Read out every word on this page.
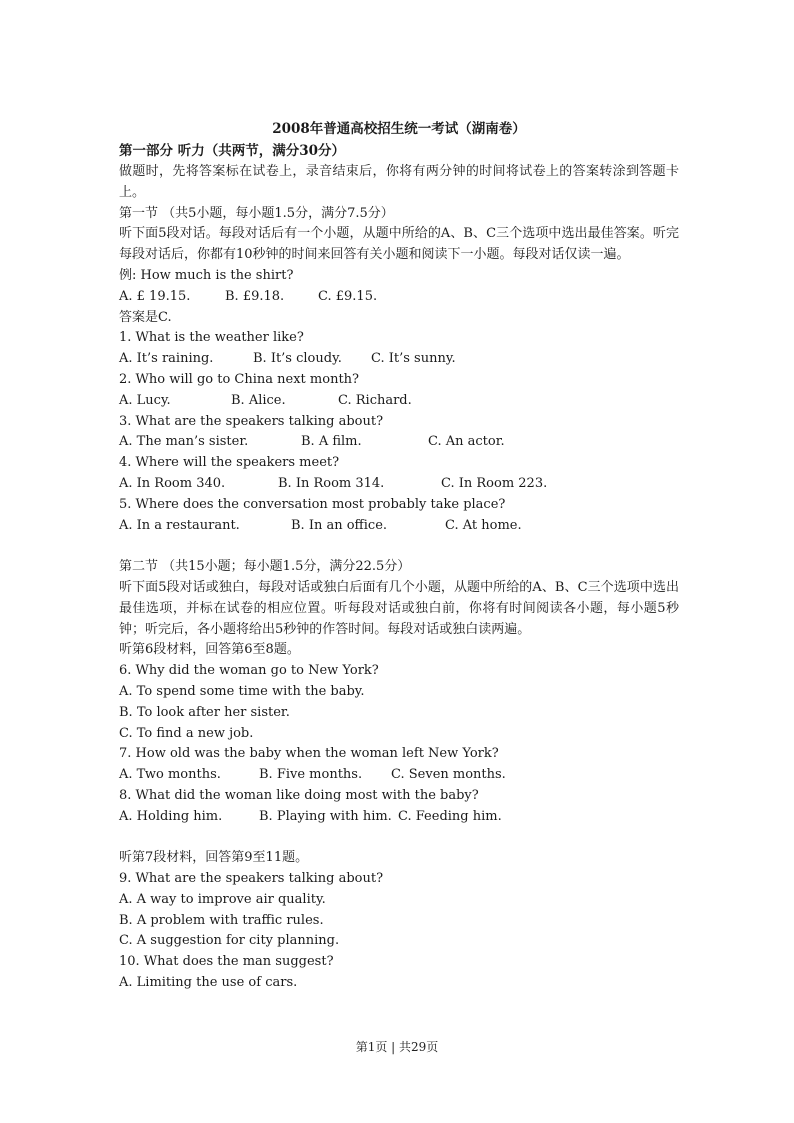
2008年普通高校招生统一考试（湖南卷）
第一部分 听力（共两节，满分30分）
做题时，先将答案标在试卷上，录音结束后，你将有两分钟的时间将试卷上的答案转涂到答题卡上。
第一节 （共5小题，每小题1.5分，满分7.5分）
听下面5段对话。每段对话后有一个小题，从题中所给的A、B、C三个选项中选出最佳答案。听完每段对话后，你都有10秒钟的时间来回答有关小题和阅读下一小题。每段对话仅读一遍。
例: How much is the shirt?
A. £ 19.15.	B. £9.18.	C. £9.15.
答案是C.
1. What is the weather like?
A. It’s raining.	B. It’s cloudy.	C. It’s sunny.
2. Who will go to China next month?
A. Lucy.	B. Alice.	C. Richard.
3. What are the speakers talking about?
A. The man’s sister.	B. A film.	C. An actor.
4. Where will the speakers meet?
A. In Room 340.	B. In Room 314.	C. In Room 223.
5. Where does the conversation most probably take place?
A. In a restaurant.	B. In an office.	C. At home.
第二节 （共15小题；每小题1.5分，满分22.5分）
听下面5段对话或独白，每段对话或独白后面有几个小题，从题中所给的A、B、C三个选项中选出最佳选项，并标在试卷的相应位置。听每段对话或独白前，你将有时间阅读各小题，每小题5秒钟；听完后，各小题将给出5秒钟的作答时间。每段对话或独白读两遍。
听第6段材料，回答第6至8题。
6. Why did the woman go to New York?
A. To spend some time with the baby.
B. To look after her sister.
C. To find a new job.
7. How old was the baby when the woman left New York?
A. Two months.	B. Five months.	C. Seven months.
8. What did the woman like doing most with the baby?
A. Holding him.	B. Playing with him. C. Feeding him.
听第7段材料，回答第9至11题。
9. What are the speakers talking about?
A. A way to improve air quality.
B. A problem with traffic rules.
C. A suggestion for city planning.
10. What does the man suggest?
A. Limiting the use of cars.
第1页 | 共29页
